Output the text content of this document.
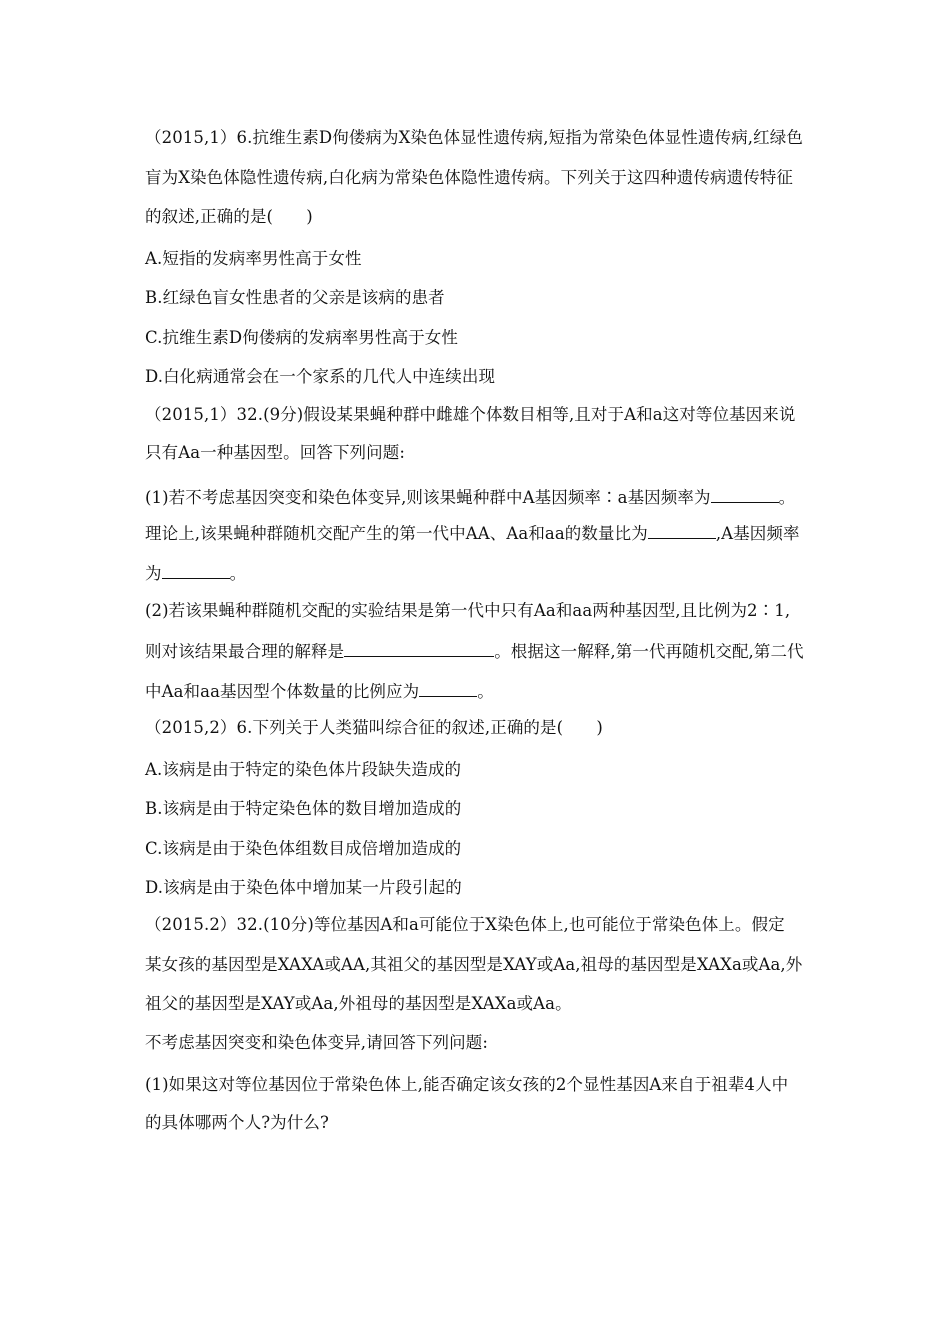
（2015,1）6.抗维生素D佝偻病为X染色体显性遗传病,短指为常染色体显性遗传病,红绿色
盲为X染色体隐性遗传病,白化病为常染色体隐性遗传病。下列关于这四种遗传病遗传特征
的叙述,正确的是(　　)
A.短指的发病率男性高于女性
B.红绿色盲女性患者的父亲是该病的患者
C.抗维生素D佝偻病的发病率男性高于女性
D.白化病通常会在一个家系的几代人中连续出现
（2015,1）32.(9分)假设某果蝇种群中雌雄个体数目相等,且对于A和a这对等位基因来说
只有Aa一种基因型。回答下列问题:
(1)若不考虑基因突变和染色体变异,则该果蝇种群中A基因频率∶a基因频率为	。
理论上,该果蝇种群随机交配产生的第一代中AA、Aa和aa的数量比为	,A基因频率
为	。
(2)若该果蝇种群随机交配的实验结果是第一代中只有Aa和aa两种基因型,且比例为2∶1,
则对该结果最合理的解释是	。根据这一解释,第一代再随机交配,第二代
中Aa和aa基因型个体数量的比例应为	。
（2015,2）6.下列关于人类猫叫综合征的叙述,正确的是(　　)
A.该病是由于特定的染色体片段缺失造成的
B.该病是由于特定染色体的数目增加造成的
C.该病是由于染色体组数目成倍增加造成的
D.该病是由于染色体中增加某一片段引起的
（2015.2）32.(10分)等位基因A和a可能位于X染色体上,也可能位于常染色体上。假定
某女孩的基因型是XAXA或AA,其祖父的基因型是XAY或Aa,祖母的基因型是XAXa或Aa,外
祖父的基因型是XAY或Aa,外祖母的基因型是XAXa或Aa。
不考虑基因突变和染色体变异,请回答下列问题:
(1)如果这对等位基因位于常染色体上,能否确定该女孩的2个显性基因A来自于祖辈4人中
的具体哪两个人?为什么?
